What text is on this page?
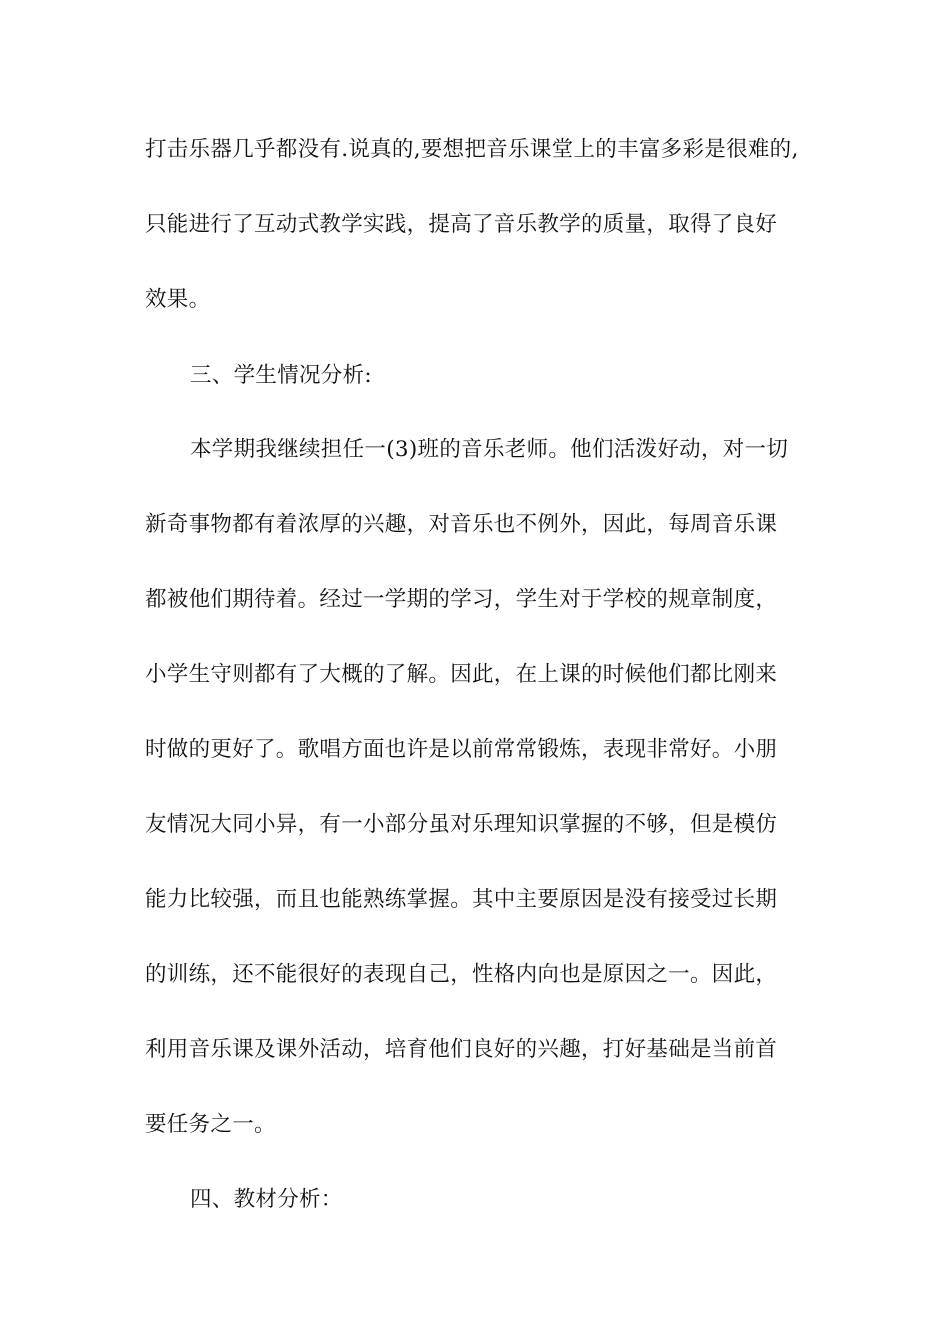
打击乐器几乎都没有.说真的,要想把音乐课堂上的丰富多彩是很难的,
只能进行了互动式教学实践，提高了音乐教学的质量，取得了良好
效果。
三、学生情况分析:
本学期我继续担任一(3)班的音乐老师。他们活泼好动，对一切
新奇事物都有着浓厚的兴趣，对音乐也不例外，因此，每周音乐课
都被他们期待着。经过一学期的学习，学生对于学校的规章制度，
小学生守则都有了大概的了解。因此，在上课的时候他们都比刚来
时做的更好了。歌唱方面也许是以前常常锻炼，表现非常好。小朋
友情况大同小异，有一小部分虽对乐理知识掌握的不够，但是模仿
能力比较强，而且也能熟练掌握。其中主要原因是没有接受过长期
的训练，还不能很好的表现自己，性格内向也是原因之一。因此，
利用音乐课及课外活动，培育他们良好的兴趣，打好基础是当前首
要任务之一。
四、教材分析：
